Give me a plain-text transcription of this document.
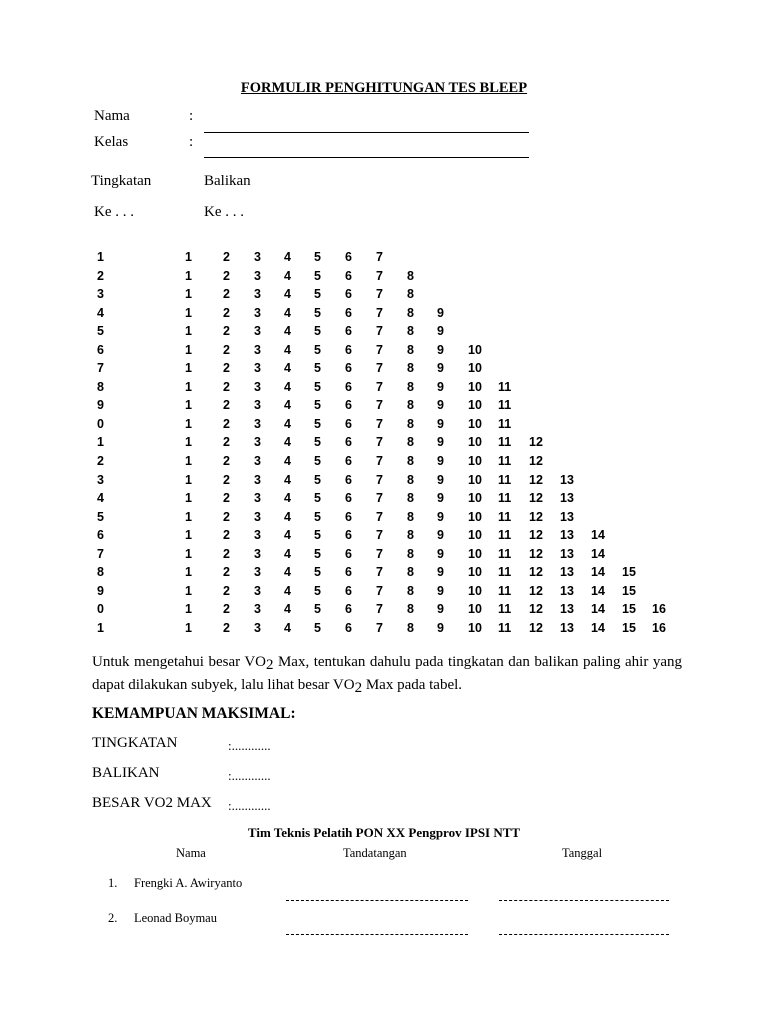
FORMULIR PENGHITUNGAN TES BLEEP
Nama	:
Kelas	:
Tingkatan	Balikan
Ke . . .	Ke . . .
1	1 2 3 4 5 6 7
2	1 2 3 4 5 6 7 8
3	1 2 3 4 5 6 7 8
4	1 2 3 4 5 6 7 8 9
5	1 2 3 4 5 6 7 8 9
6	1 2 3 4 5 6 7 8 9 10
7	1 2 3 4 5 6 7 8 9 10
8	1 2 3 4 5 6 7 8 9 10 11
9	1 2 3 4 5 6 7 8 9 10 11
0	1 2 3 4 5 6 7 8 9 10 11
1	1 2 3 4 5 6 7 8 9 10 11 12
2	1 2 3 4 5 6 7 8 9 10 11 12
3	1 2 3 4 5 6 7 8 9 10 11 12 13
4	1 2 3 4 5 6 7 8 9 10 11 12 13
5	1 2 3 4 5 6 7 8 9 10 11 12 13
6	1 2 3 4 5 6 7 8 9 10 11 12 13 14
7	1 2 3 4 5 6 7 8 9 10 11 12 13 14
8	1 2 3 4 5 6 7 8 9 10 11 12 13 14 15
9	1 2 3 4 5 6 7 8 9 10 11 12 13 14 15
0	1 2 3 4 5 6 7 8 9 10 11 12 13 14 15 16
1	1 2 3 4 5 6 7 8 9 10 11 12 13 14 15 16
Untuk mengetahui besar VO2 Max, tentukan dahulu pada tingkatan dan balikan paling ahir yang dapat dilakukan subyek, lalu lihat besar VO2 Max pada tabel.
KEMAMPUAN MAKSIMAL:
TINGKATAN	:............
BALIKAN	:............
BESAR VO2 MAX :............
Tim Teknis Pelatih PON XX Pengprov IPSI NTT
Nama	Tandatangan	Tanggal
1. Frengki A. Awiryanto
2. Leonad Boymau
